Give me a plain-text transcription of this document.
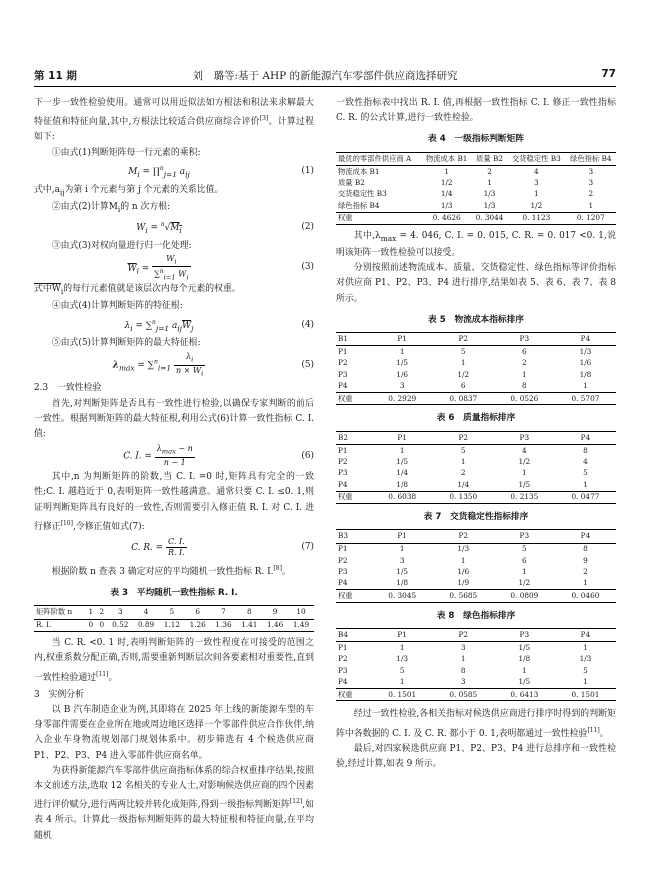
第 11 期	刘　璐等:基于 AHP 的新能源汽车零部件供应商选择研究	77

下一步一致性检验使用。通常可以用近似法如方根法和积法来求解最大特征值和特征向量,其中,方根法比较适合供应商综合评价[3]。计算过程如下:

①由式(1)判断矩阵每一行元素的乘积:

$M_i$ = ∏$^n_{j=1}$ $a_{ij}$	(1)

式中$,a_{ij}$为第 i 个元素与第 j 个元素的关系比值。

②由式(2)计算$M_i$的 n 次方根:

$W_i = ^n√M_i$	(2)

③由式(3)对权向量进行归一化处理:

$\overline{W}_i = \frac{W_i}{\sum^n_{i=1} W_i}$	(3)

式中$W_i$的每行元素值就是该层次内每个元素的权重。

④由式(4)计算判断矩阵的特征根:

$\lambda_i = \sum^n_{j=1}$ $a_{ij}\overline{W}_j$	(4)

⑤由式(5)计算判断矩阵的最大特征根:

$\lambda_{max} = \sum^n_{i=1} \frac{\lambda_i}{n \times W_i}$	(5)

2.3　一致性检验

首先,对判断矩阵是否具有一致性进行检验,以确保专家判断的前后一致性。根据判断矩阵的最大特征根,利用公式(6)计算一致性指标 C. I. 值:

C. I. = $\frac{\lambda_{max} - n}{n - 1}$	(6)

其中,n 为判断矩阵的阶数,当 C. I. =0 时,矩阵具有完全的一致性;C. I. 越趋近于 0,表明矩阵一致性越满意。通常只要 C. I. ≤0. 1,则证明判断矩阵具有良好的一致性,否则需要引入修正值 R. I. 对 C. I. 进行修正[10],令修正值如式(7):

C. R. = $\frac{C. I.}{R. I.}$	(7)

根据阶数 n 查表 3 确定对应的平均随机一致性指标 R. I.[8]。

表 3　平均随机一致性指标 R. I.
矩阵阶数 n	1	2	3	4	5	6	7	8	9	10
R. I.	0	0	0.52	0.89	1.12	1.26	1.36	1.41	1.46	1.49

当 C. R. <0. 1 时,表明判断矩阵的一致性程度在可接受的范围之内,权重系数分配正确,否则,需要重新判断层次间各要素相对重要性,直到一致性检验通过[11]。

3　实例分析

以 B 汽车制造企业为例,其即将在 2025 年上线的新能源车型的车身零部件需要在企业所在地或周边地区选择一个零部件供应合作伙伴,纳入企业车身物流规划部门规划体系中。初步筛选有 4 个候选供应商 P1、P2、P3、P4 进入零部件供应商名单。

为获得新能源汽车零部件供应商指标体系的综合权重排序结果,按照本文前述方法,选取 12 名相关的专业人士,对影响候选供应商的四个因素进行评价赋分,进行两两比较并转化成矩阵,得到一级指标判断矩阵[12],如表 4 所示。计算此一级指标判断矩阵的最大特征根和特征向量,在平均随机

一致性指标表中找出 R. I. 值,再根据一致性指标 C. I. 修正一致性指标 C. R. 的公式计算,进行一致性检验。

表 4　一级指标判断矩阵
最优的零部件供应商 A	物流成本 B1	质量 B2	交货稳定性 B3	绿色指标 B4
物流成本 B1	1	2	4	3
质量 B2	1/2	1	3	3
交货稳定性 B3	1/4	1/3	1	2
绿色指标 B4	1/3	1/3	1/2	1
权重	0. 4626	0. 3044	0. 1123	0. 1207

其中$,\lambda_{max} = 4$. 046, C. I. = 0. 015, C. R. = 0. 017 <0. 1,说明该矩阵一致性检验可以接受。

分别按照前述物流成本、质量、交货稳定性、绿色指标等评价指标对供应商 P1、P2、P3、P4 进行排序,结果如表 5、表 6、表 7、表 8 所示。

表 5　物流成本指标排序
B1	P1	P2	P3	P4
P1	1	5	6	1/3
P2	1/5	1	2	1/6
P3	1/6	1/2	1	1/8
P4	3	6	8	1
权重	0. 2929	0. 0837	0. 0526	0. 5707
表 6　质量指标排序
B2	P1	P2	P3	P4
P1	1	5	4	8
P2	1/5	1	1/2	4
P3	1/4	2	1	5
P4	1/8	1/4	1/5	1
权重	0. 6038	0. 1350	0. 2135	0. 0477
表 7　交货稳定性指标排序
B3	P1	P2	P3	P4
P1	1	1/3	5	8
P2	3	1	6	9
P3	1/5	1/6	1	2
P4	1/8	1/9	1/2	1
权重	0. 3045	0. 5685	0. 0809	0. 0460
表 8　绿色指标排序
B4	P1	P2	P3	P4
P1	1	3	1/5	1
P2	1/3	1	1/8	1/3
P3	5	8	1	5
P4	1	3	1/5	1
权重	0. 1501	0. 0585	0. 6413	0. 1501

经过一致性检验,各相关指标对候选供应商进行排序时得到的判断矩阵中各数据的 C. I. 及 C. R. 都小于 0. 1,表明都通过一致性检验[11]。

最后,对四家候选供应商 P1、P2、P3、P4 进行总排序和一致性检验,经过计算,如表 9 所示。
